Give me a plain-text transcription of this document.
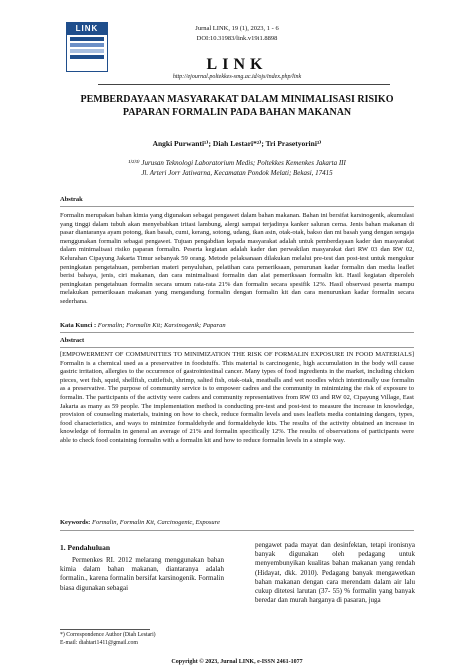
LINK	Jurnal LINK, 19 (1), 2023, 1 - 6
DOI:10.31983/link.v19i1.8898
LINK
http://ejournal.poltekkes-smg.ac.id/ojs/index.php/link
PEMBERDAYAAN MASYARAKAT DALAM MINIMALISASI RISIKO PAPARAN FORMALIN PADA BAHAN MAKANAN
Angki Purwanti¹⁾; Diah Lestari*²⁾; Tri Prasetyorini³⁾
¹⁾²⁾³⁾ Jurusan Teknologi Laboratorium Medis; Poltekkes Kemenkes Jakarta III
Jl. Arteri Jorr Jatiwarna, Kecamatan Pondok Melati; Bekasi, 17415
Abstrak
Formalin merupakan bahan kimia yang digunakan sebagai pengawet dalam bahan makanan. Bahan ini bersifat karsinogenik, akumulasi yang tinggi dalam tubuh akan menyebabkan iritasi lambung, alergi sampai terjadinya kanker saluran cerna. Jenis bahan makanan di pasar diantaranya ayam potong, ikan basah, cumi, kerang, sotong, udang, ikan asin, otak-otak, bakso dan mi basah yang dengan sengaja menggunakan formalin sebagai pengawet. Tujuan pengabdian kepada masyarakat adalah untuk pemberdayaan kader dan masyarakat dalam minimalisasi risiko paparan formalin. Peserta kegiatan adalah kader dan perwakilan masyarakat dari RW 03 dan RW 02, Kelurahan Cipayung Jakarta Timur sebanyak 59 orang. Metode pelaksanaan dilakukan melalui pre-test dan post-test untuk mengukur peningkatan pengetahuan, pemberian materi penyuluhan, pelatihan cara pemeriksaan, penurunan kadar formalin dan media leaflet berisi bahaya, jenis, ciri makanan, dan cara minimalisasi formalin dan alat pemeriksaan formalin kit. Hasil kegiatan diperoleh peningkatan pengetahuan formalin secara umum rata-rata 21% dan formalin secara spesifik 12%. Hasil observasi peserta mampu melakukan pemeriksaan makanan yang mengandung formalin dengan formalin kit dan cara menurunkan kadar formalin secara sederhana.
Kata Kunci : Formalin; Formalin Kit; Karsinogenik; Paparan
Abstract
[EMPOWERMENT OF COMMUNITIES TO MINIMIZATION THE RISK OF FORMALIN EXPOSURE IN FOOD MATERIALS] Formalin is a chemical used as a preservative in foodstuffs. This material is carcinogenic, high accumulation in the body will cause gastric irritation, allergies to the occurrence of gastrointestinal cancer. Many types of food ingredients in the market, including chicken pieces, wet fish, squid, shellfish, cuttlefish, shrimp, salted fish, otak-otak, meatballs and wet noodles which intentionally use formalin as a preservative. The purpose of community service is to empower cadres and the community in minimizing the risk of exposure to formalin. The participants of the activity were cadres and community representatives from RW 03 and RW 02, Cipayung Village, East Jakarta as many as 59 people. The implementation method is conducting pre-test and post-test to measure the increase in knowledge, provision of counseling materials, training on how to check, reduce formalin levels and uses leaflets media containing dangers, types, food characteristics, and ways to minimize formaldehyde and formaldehyde kits. The results of the activity obtained an increase in knowledge of formalin in general an average of 21% and formalin specifically 12%. The results of observations of participants were able to check food containing formalin with a formalin kit and how to reduce formalin levels in a simple way.
Keywords: Formalin, Formalin Kit, Carcinogenic, Exposure
1. Pendahuluan
Permenkes RI. 2012 melarang menggunakan bahan kimia dalam bahan makanan, diantaranya adalah formalin., karena formalin bersifat karsinogenik. Formalin biasa digunakan sebagai
pengawet pada mayat dan desinfektan, tetapi ironisnya banyak digunakan oleh pedagang untuk menyembunyikan kualitas bahan makanan yang rendah (Hidayat, dkk. 2010). Pedagang banyak mengawetkan bahan makanan dengan cara merendam dalam air lalu cukup ditetesi larutan (37- 55) % formalin yang banyak beredar dan murah harganya di pasaran, juga
*) Correspondence Author (Diah Lestari)
E-mail: diahtari1411@gmail.com
Copyright © 2023, Jurnal LINK, e-ISSN 2461-1077
